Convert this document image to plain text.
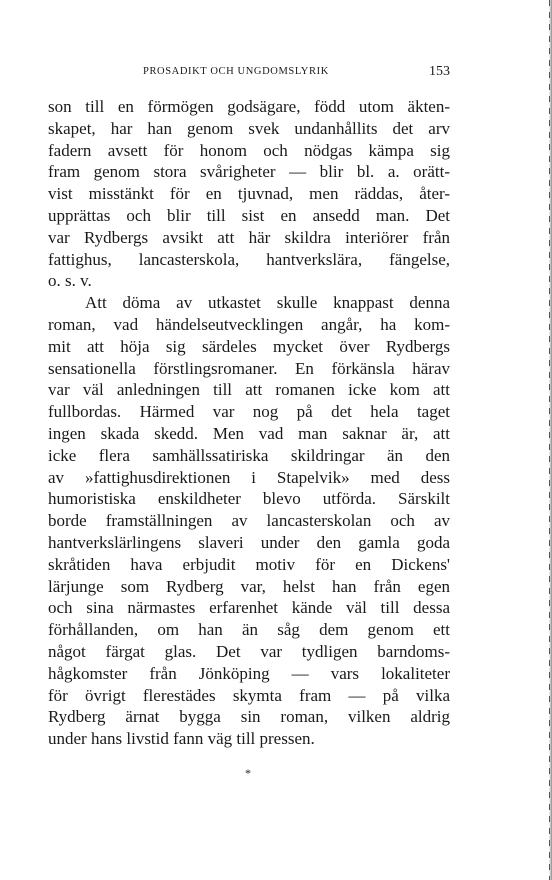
PROSADIKT OCH UNGDOMSLYRIK	153
son till en förmögen godsägare, född utom äkten-
skapet, har han genom svek undanhållits det arv
fadern avsett för honom och nödgas kämpa sig
fram genom stora svårigheter — blir bl. a. orätt-
vist misstänkt för en tjuvnad, men räddas, åter-
upprättas och blir till sist en ansedd man. Det
var Rydbergs avsikt att här skildra interiörer från
fattighus, lancasterskola, hantverkslära, fängelse,
o. s. v.
Att döma av utkastet skulle knappast denna
roman, vad händelseutvecklingen angår, ha kom-
mit att höja sig särdeles mycket över Rydbergs
sensationella förstlingsromaner. En förkänsla härav
var väl anledningen till att romanen icke kom att
fullbordas. Härmed var nog på det hela taget
ingen skada skedd. Men vad man saknar är, att
icke flera samhällssatiriska skildringar än den
av »fattighusdirektionen i Stapelvik» med dess
humoristiska enskildheter blevo utförda. Särskilt
borde framställningen av lancasterskolan och av
hantverkslärlingens slaveri under den gamla goda
skråtiden hava erbjudit motiv för en Dickens'
lärjunge som Rydberg var, helst han från egen
och sina närmastes erfarenhet kände väl till dessa
förhållanden, om han än såg dem genom ett
något färgat glas. Det var tydligen barndoms-
hågkomster från Jönköping — vars lokaliteter
för övrigt flerestädes skymta fram — på vilka
Rydberg ärnat bygga sin roman, vilken aldrig
under hans livstid fann väg till pressen.
*
